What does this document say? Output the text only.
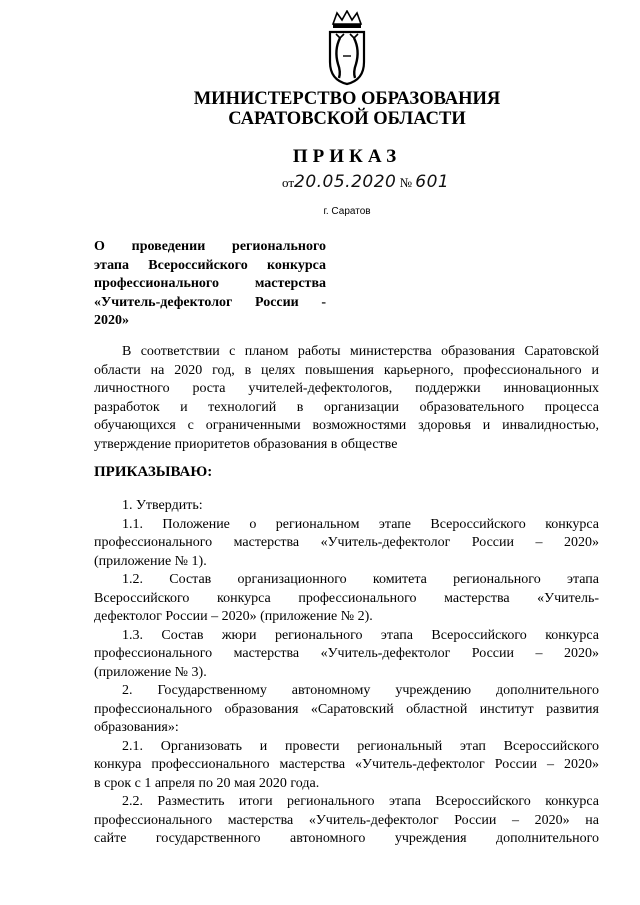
МИНИСТЕРСТВО ОБРАЗОВАНИЯ
САРАТОВСКОЙ ОБЛАСТИ
ПРИКАЗ
от20.05.2020 № 601
г. Саратов
О проведении регионального
этапа Всероссийского конкурса
профессионального мастерства
«Учитель-дефектолог России -
2020»
В соответствии с планом работы министерства образования Саратовской
области на 2020 год, в целях повышения карьерного, профессионального и
личностного роста учителей-дефектологов, поддержки инновационных
разработок и технологий в организации образовательного процесса
обучающихся с ограниченными возможностями здоровья и инвалидностью,
утверждение приоритетов образования в обществе
ПРИКАЗЫВАЮ:
1. Утвердить:
1.1. Положение о региональном этапе Всероссийского конкурса
профессионального мастерства «Учитель-дефектолог России – 2020»
(приложение № 1).
1.2. Состав организационного комитета регионального этапа
Всероссийского конкурса профессионального мастерства «Учитель-
дефектолог России – 2020» (приложение № 2).
1.3. Состав жюри регионального этапа Всероссийского конкурса
профессионального мастерства «Учитель-дефектолог России – 2020»
(приложение № 3).
2. Государственному автономному учреждению дополнительного
профессионального образования «Саратовский областной институт развития
образования»:
2.1. Организовать и провести региональный этап Всероссийского
конкура профессионального мастерства «Учитель-дефектолог России – 2020»
в срок с 1 апреля по 20 мая 2020 года.
2.2. Разместить итоги регионального этапа Всероссийского конкурса
профессионального мастерства «Учитель-дефектолог России – 2020» на
сайте государственного автономного учреждения дополнительного
